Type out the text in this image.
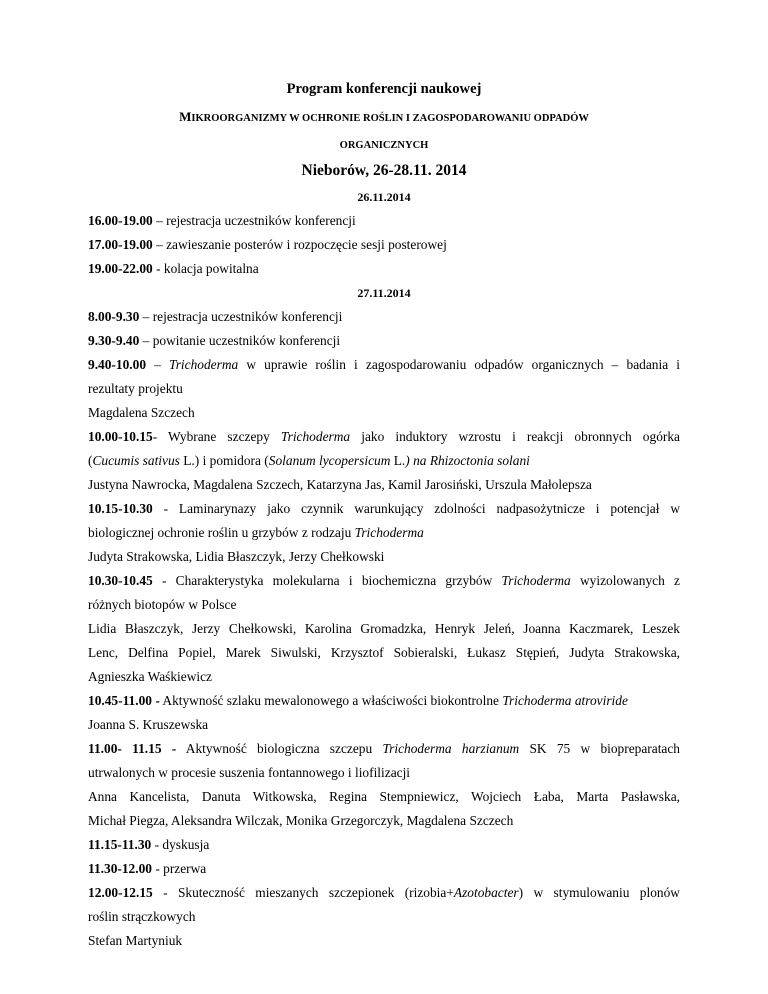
Program konferencji naukowej
MIKROORGANIZMY W OCHRONIE ROŚLIN I ZAGOSPODAROWANIU ODPADÓW
ORGANICZNYCH
Nieborów, 26-28.11. 2014
26.11.2014
16.00-19.00 – rejestracja uczestników konferencji
17.00-19.00 – zawieszanie posterów i rozpoczęcie sesji posterowej
19.00-22.00 - kolacja powitalna
27.11.2014
8.00-9.30 – rejestracja uczestników konferencji
9.30-9.40 – powitanie uczestników konferencji
9.40-10.00 – Trichoderma w uprawie roślin i zagospodarowaniu odpadów organicznych – badania i
rezultaty projektu
Magdalena Szczech
10.00-10.15- Wybrane szczepy Trichoderma jako induktory wzrostu i reakcji obronnych ogórka
(Cucumis sativus L.) i pomidora (Solanum lycopersicum L.) na Rhizoctonia solani
Justyna Nawrocka, Magdalena Szczech, Katarzyna Jas, Kamil Jarosiński, Urszula Małolepsza
10.15-10.30 - Laminarynazy jako czynnik warunkujący zdolności nadpasożytnicze i potencjał w
biologicznej ochronie roślin u grzybów z rodzaju Trichoderma
Judyta Strakowska, Lidia Błaszczyk, Jerzy Chełkowski
10.30-10.45 - Charakterystyka molekularna i biochemiczna grzybów Trichoderma wyizolowanych z
różnych biotopów w Polsce
Lidia Błaszczyk, Jerzy Chełkowski, Karolina Gromadzka, Henryk Jeleń, Joanna Kaczmarek, Leszek
Lenc, Delfina Popiel, Marek Siwulski, Krzysztof Sobieralski, Łukasz Stępień, Judyta Strakowska,
Agnieszka Waśkiewicz
10.45-11.00 - Aktywność szlaku mewalonowego a właściwości biokontrolne Trichoderma atroviride
Joanna S. Kruszewska
11.00- 11.15 - Aktywność biologiczna szczepu Trichoderma harzianum SK 75 w biopreparatach
utrwalonych w procesie suszenia fontannowego i liofilizacji
Anna Kancelista, Danuta Witkowska, Regina Stempniewicz, Wojciech Łaba, Marta Pasławska,
Michał Piegza, Aleksandra Wilczak, Monika Grzegorczyk, Magdalena Szczech
11.15-11.30 - dyskusja
11.30-12.00 - przerwa
12.00-12.15 - Skuteczność mieszanych szczepionek (rizobia+Azotobacter) w stymulowaniu plonów
roślin strączkowych
Stefan Martyniuk
